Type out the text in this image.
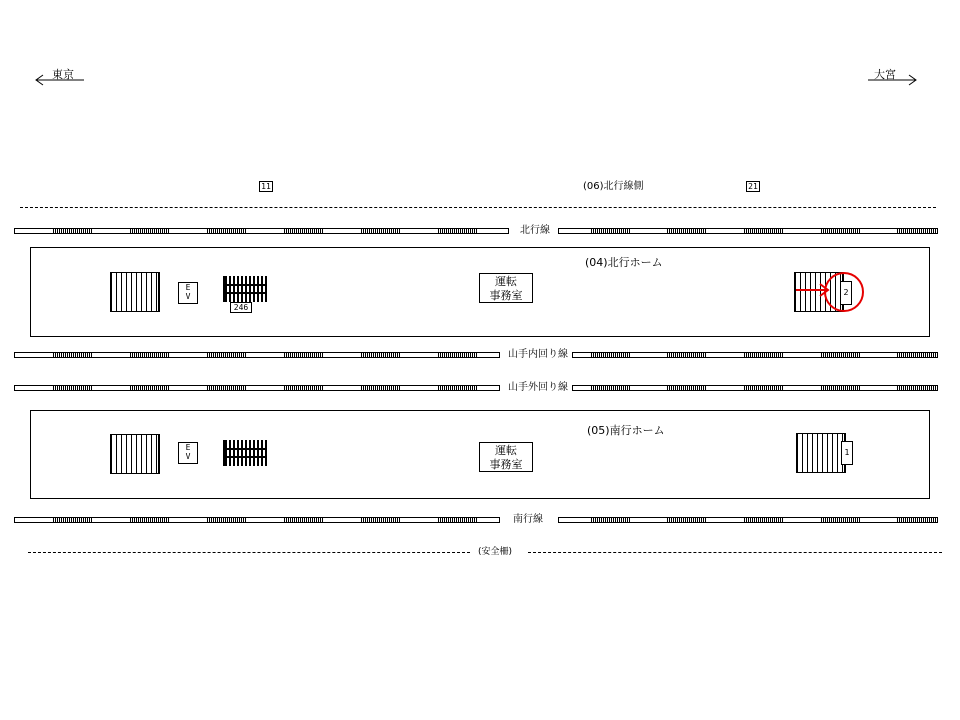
東京	大宮
11	(06)北行線側	21
北行線
(04)北行ホーム
E
V
246
運転
事務室	2
山手内回り線
山手外回り線
(05)南行ホーム
E
V	運転
事務室
1
南行線
(安全柵)
